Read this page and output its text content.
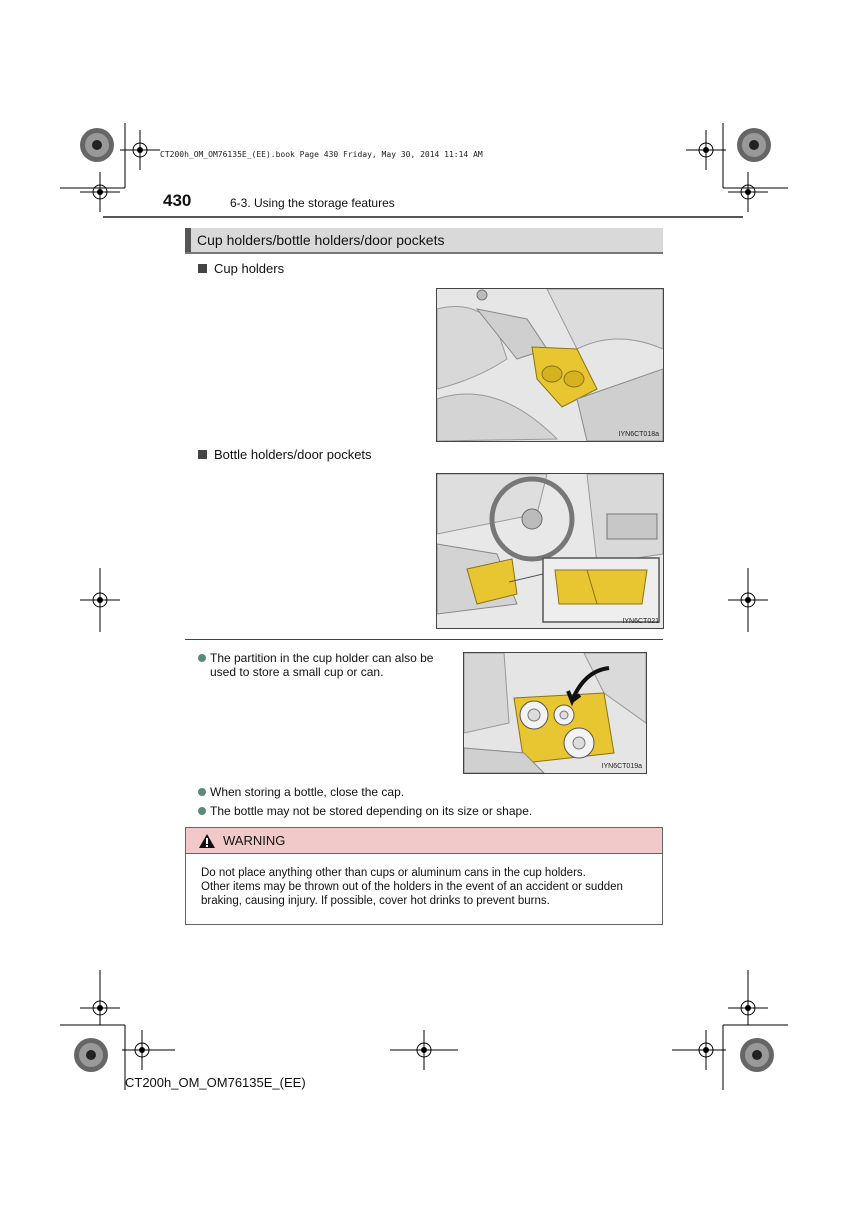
CT200h_OM_OM76135E_(EE).book Page 430 Friday, May 30, 2014 11:14 AM
430	6-3. Using the storage features
Cup holders/bottle holders/door pockets
Cup holders
IYN6CT018a
Bottle holders/door pockets
IYN6CT021
The partition in the cup holder can also be
used to store a small cup or can.
IYN6CT019a
When storing a bottle, close the cap.
The bottle may not be stored depending on its size or shape.
WARNING
Do not place anything other than cups or aluminum cans in the cup holders.
Other items may be thrown out of the holders in the event of an accident or sudden
braking, causing injury. If possible, cover hot drinks to prevent burns.
CT200h_OM_OM76135E_(EE)
